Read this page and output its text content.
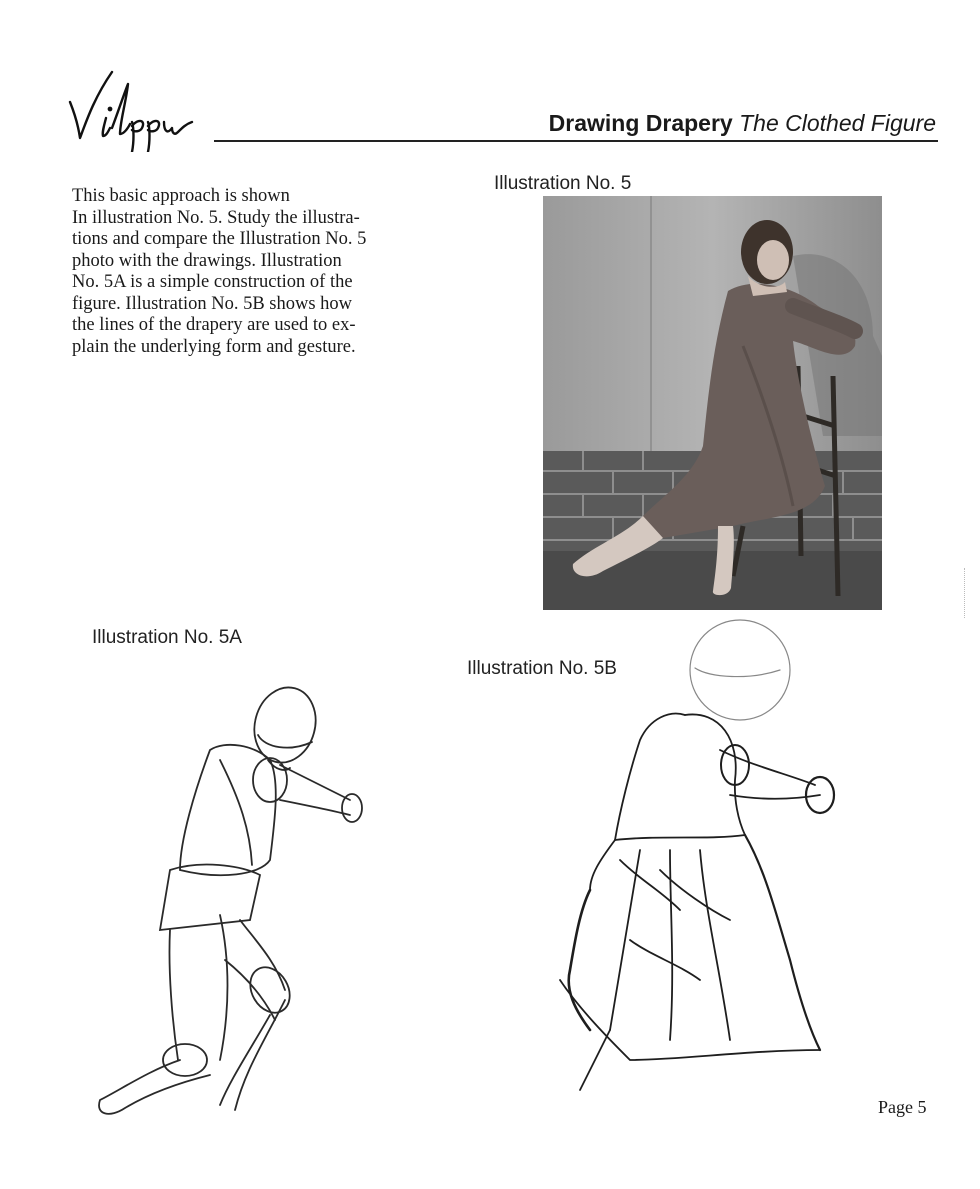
Drawing Drapery The Clothed Figure
This basic approach is shown
In illustration No. 5. Study the illustra-
tions and compare the Illustration No. 5
photo with the drawings. Illustration
No. 5A is a simple construction of the
figure. Illustration No. 5B shows how
the lines of the drapery are used to ex-
plain the underlying form and gesture.
Illustration No. 5
Illustration No. 5A
Illustration No. 5B
Page 5
